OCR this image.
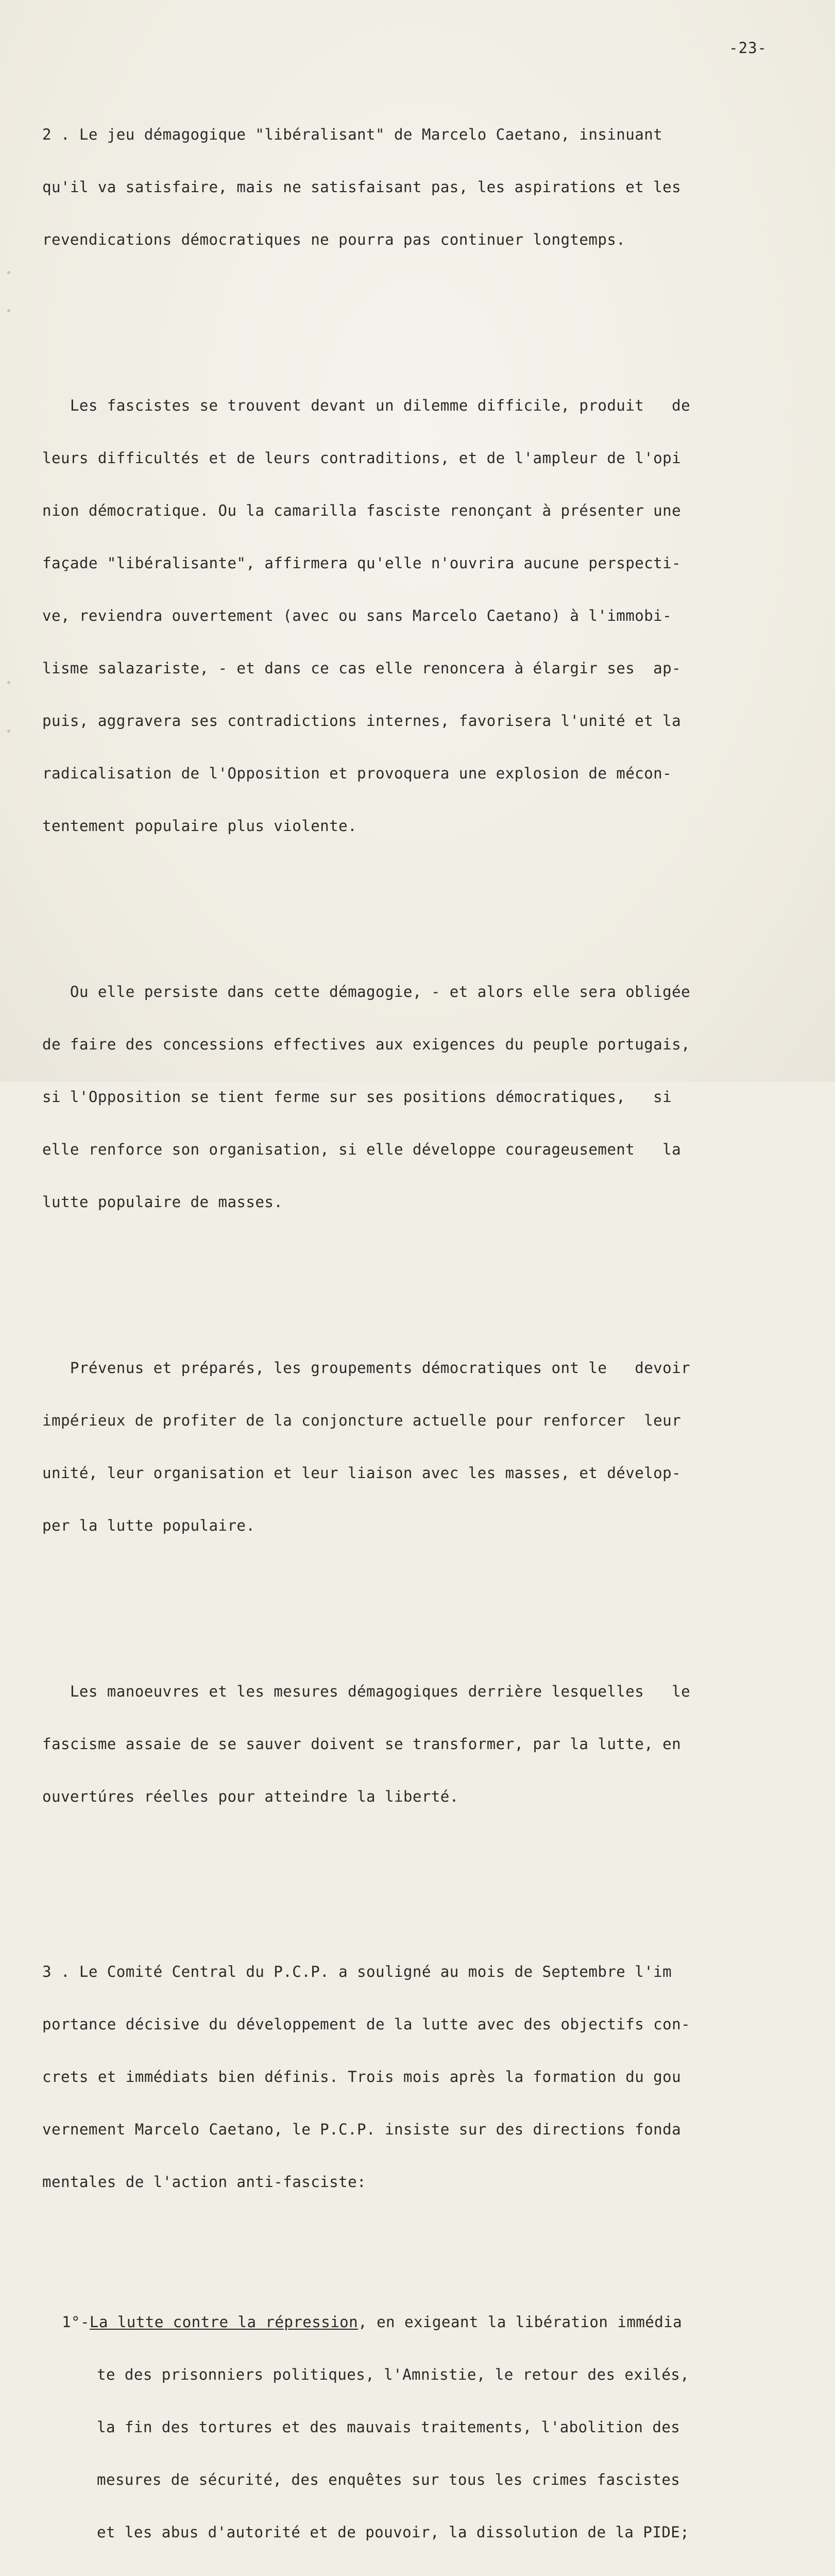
-23-

2 . Le jeu démagogique "libéralisant" de Marcelo Caetano, insinuant

qu'il va satisfaire, mais ne satisfaisant pas, les aspirations et les

revendications démocratiques ne pourra pas continuer longtemps.

Les fascistes se trouvent devant un dilemme difficile, produit   de

leurs difficultés et de leurs contraditions, et de l'ampleur de l'opi

nion démocratique. Ou la camarilla fasciste renonçant à présenter une

façade "libéralisante", affirmera qu'elle n'ouvrira aucune perspecti-

ve, reviendra ouvertement (avec ou sans Marcelo Caetano) à l'immobi-

lisme salazariste, - et dans ce cas elle renoncera à élargir ses  ap-

puis, aggravera ses contradictions internes, favorisera l'unité et la

radicalisation de l'Opposition et provoquera une explosion de mécon-

tentement populaire plus violente.

Ou elle persiste dans cette démagogie, - et alors elle sera obligée

de faire des concessions effectives aux exigences du peuple portugais,

si l'Opposition se tient ferme sur ses positions démocratiques,   si

elle renforce son organisation, si elle développe courageusement   la

lutte populaire de masses.

Prévenus et préparés, les groupements démocratiques ont le   devoir

impérieux de profiter de la conjoncture actuelle pour renforcer  leur

unité, leur organisation et leur liaison avec les masses, et dévelop-

per la lutte populaire.

Les manoeuvres et les mesures démagogiques derrière lesquelles   le

fascisme assaie de se sauver doivent se transformer, par la lutte, en

ouvertúres réelles pour atteindre la liberté.

3 . Le Comité Central du P.C.P. a souligné au mois de Septembre l'im

portance décisive du développement de la lutte avec des objectifs con-

crets et immédiats bien définis. Trois mois après la formation du gou

vernement Marcelo Caetano, le P.C.P. insiste sur des directions fonda

mentales de l'action anti-fasciste:

1°-La lutte contre la répression, en exigeant la libération immédia

te des prisonniers politiques, l'Amnistie, le retour des exilés,

la fin des tortures et des mauvais traitements, l'abolition des

mesures de sécurité, des enquêtes sur tous les crimes fascistes

et les abus d'autorité et de pouvoir, la dissolution de la PIDE;
